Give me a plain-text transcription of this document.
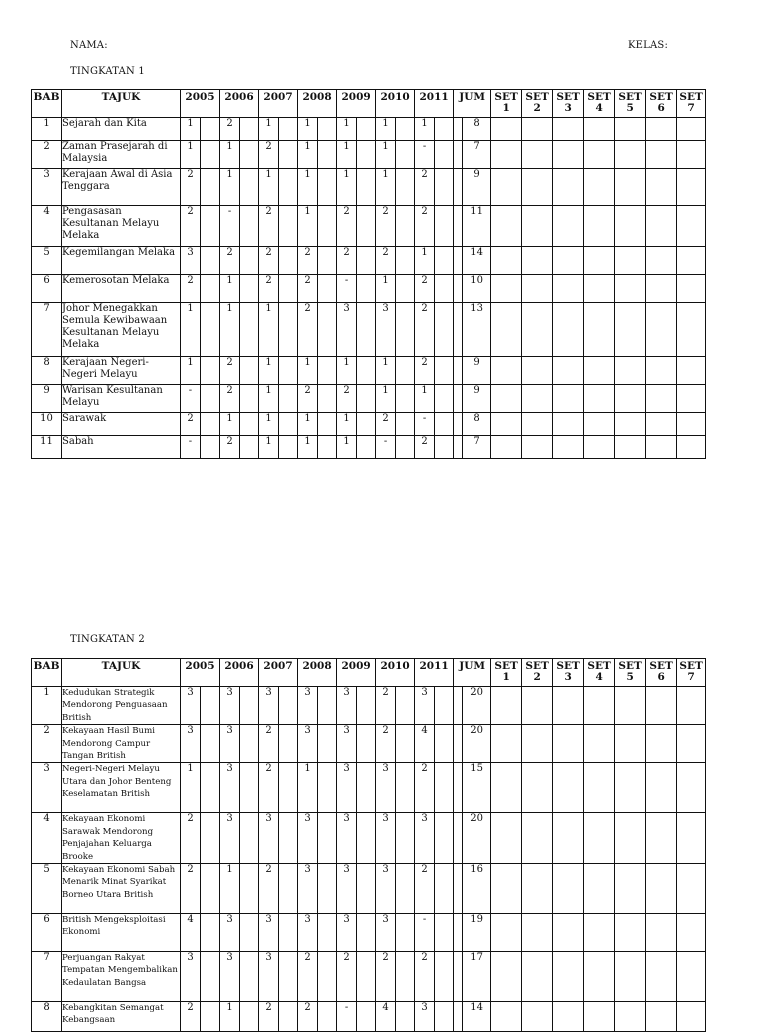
NAMA:	KELAS:
TINGKATAN 1
BAB	TAJUK	2005		2006		2007		2008		2009		2010		2011		JUM		SET 1	SET 2	SET 3	SET 4	SET 5	SET 6	SET 7
1	Sejarah dan Kita	1		2		1		1		1		1		1			8							
2	Zaman Prasejarah di Malaysia	1		1		2		1		1		1		-			7							
3	Kerajaan Awal di Asia Tenggara	2		1		1		1		1		1		2			9							
4	Pengasasan Kesultanan Melayu Melaka	2		-		2		1		2		2		2			11							
5	Kegemilangan Melaka	3		2		2		2		2		2		1			14							
6	Kemerosotan Melaka	2		1		2		2		-		1		2			10							
7	Johor Menegakkan Semula Kewibawaan Kesultanan Melayu Melaka	1		1		1		2		3		3		2			13							
8	Kerajaan Negeri-Negeri Melayu	1		2		1		1		1		1		2			9							
9	Warisan Kesultanan Melayu	-		2		1		2		2		1		1			9							
10	Sarawak	2		1		1		1		1		2		-			8							
11	Sabah	-		2		1		1		1		-		2			7							
TINGKATAN 2
BAB	TAJUK	2005		2006		2007		2008		2009		2010		2011		JUM		SET 1	SET 2	SET 3	SET 4	SET 5	SET 6	SET 7
1	Kedudukan Strategik Mendorong Penguasaan British	3		3		3		3		3		2		3			20							
2	Kekayaan Hasil Bumi Mendorong Campur Tangan British	3		3		2		3		3		2		4			20							
3	Negeri-Negeri Melayu Utara dan Johor Benteng Keselamatan British	1		3		2		1		3		3		2			15							
4	Kekayaan Ekonomi Sarawak Mendorong Penjajahan Keluarga Brooke	2		3		3		3		3		3		3			20							
5	Kekayaan Ekonomi Sabah Menarik Minat Syarikat Borneo Utara British	2		1		2		3		3		3		2			16							
6	British Mengeksploitasi Ekonomi	4		3		3		3		3		3		-			19							
7	Perjuangan Rakyat Tempatan Mengembalikan Kedaulatan Bangsa	3		3		3		2		2		2		2			17							
8	Kebangkitan Semangat Kebangsaan	2		1		2		2		-		4		3			14							
